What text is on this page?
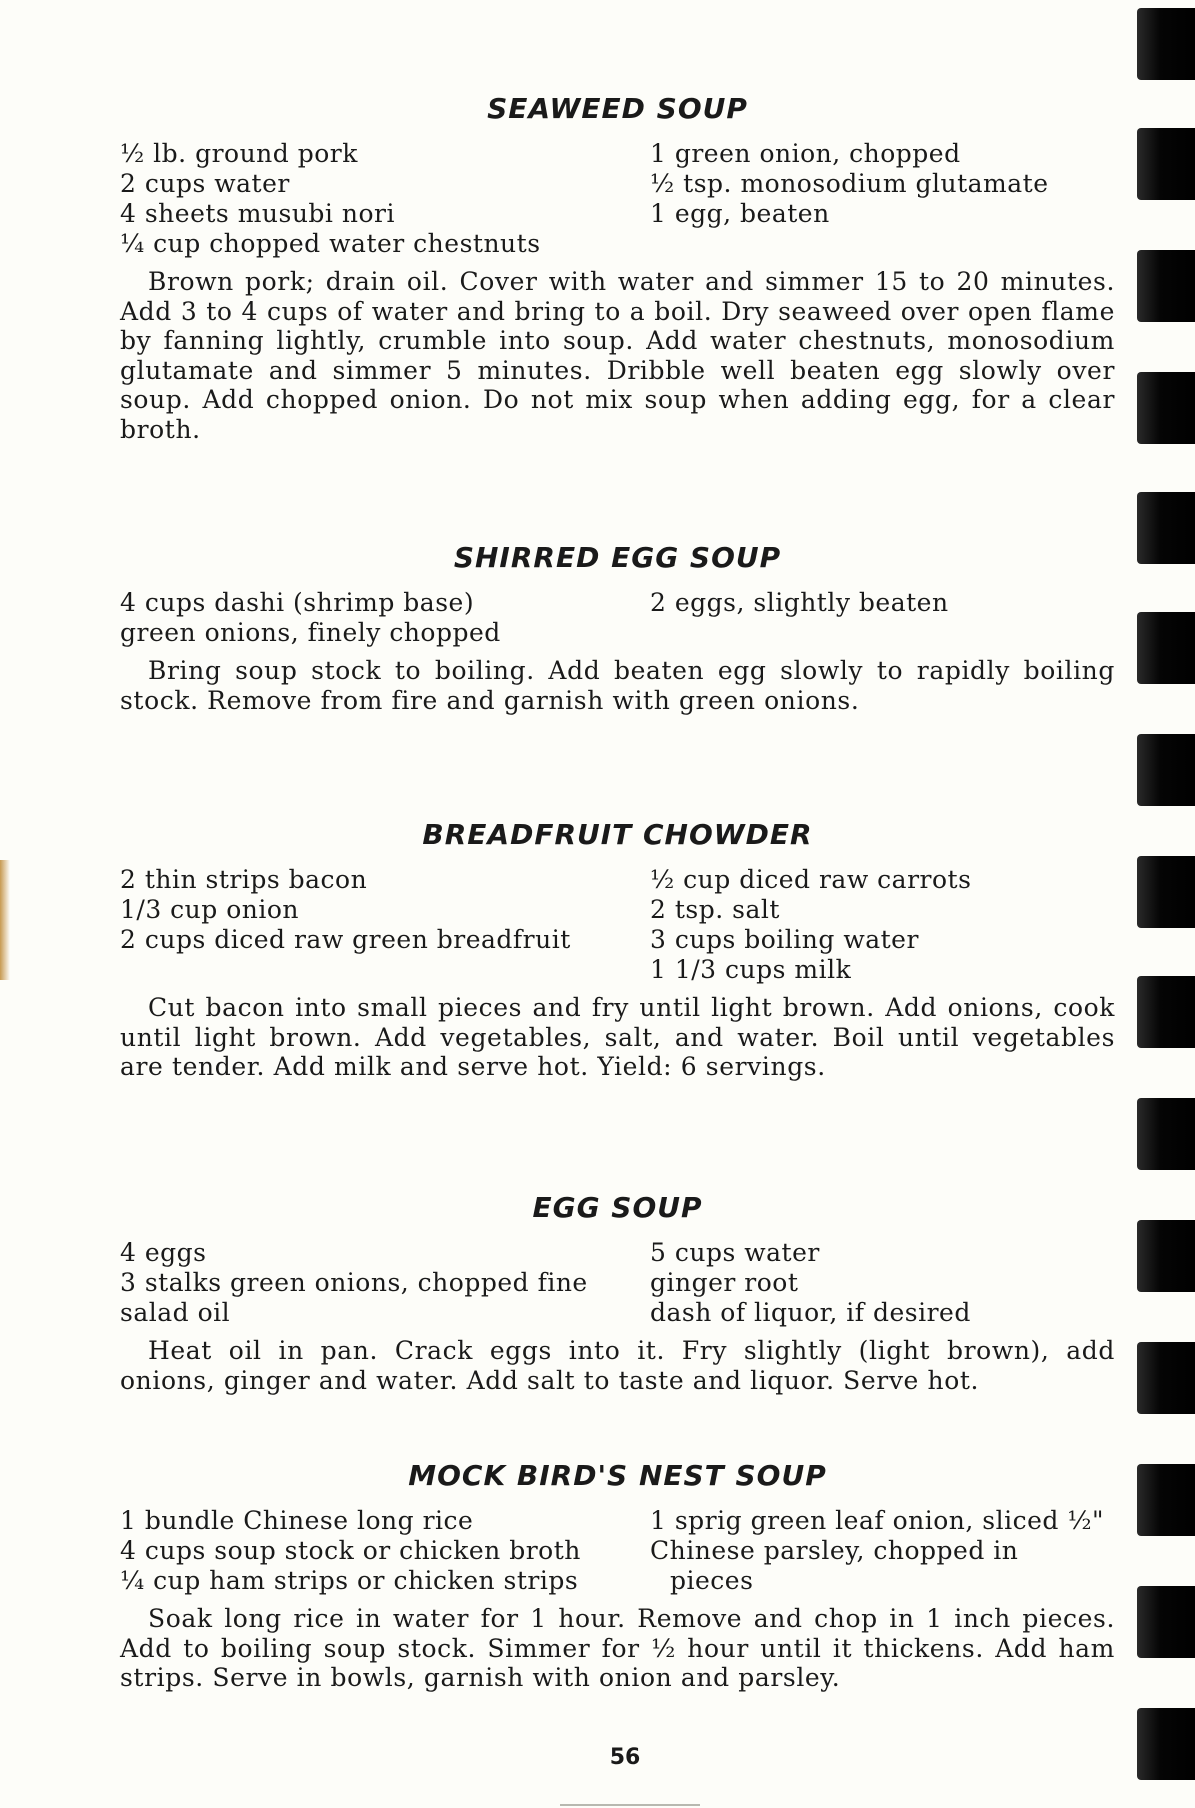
SEAWEED SOUP
½ lb. ground pork
2 cups water
4 sheets musubi nori
¼ cup chopped water chestnuts
1 green onion, chopped
½ tsp. monosodium glutamate
1 egg, beaten
Brown pork; drain oil. Cover with water and simmer 15 to 20 minutes. Add 3 to 4 cups of water and bring to a boil. Dry seaweed over open flame by fanning lightly, crumble into soup. Add water chestnuts, monosodium glutamate and simmer 5 minutes. Dribble well beaten egg slowly over soup. Add chopped onion. Do not mix soup when adding egg, for a clear broth.
SHIRRED EGG SOUP
4 cups dashi (shrimp base)
green onions, finely chopped
2 eggs, slightly beaten
Bring soup stock to boiling. Add beaten egg slowly to rapidly boiling stock. Remove from fire and garnish with green onions.
BREADFRUIT CHOWDER
2 thin strips bacon
1/3 cup onion
2 cups diced raw green breadfruit
½ cup diced raw carrots
2 tsp. salt
3 cups boiling water
1 1/3 cups milk
Cut bacon into small pieces and fry until light brown. Add onions, cook until light brown. Add vegetables, salt, and water. Boil until vegetables are tender. Add milk and serve hot. Yield: 6 servings.
EGG SOUP
4 eggs
3 stalks green onions, chopped fine
salad oil
5 cups water
ginger root
dash of liquor, if desired
Heat oil in pan. Crack eggs into it. Fry slightly (light brown), add onions, ginger and water. Add salt to taste and liquor. Serve hot.
MOCK BIRD'S NEST SOUP
1 bundle Chinese long rice
4 cups soup stock or chicken broth
¼ cup ham strips or chicken strips
1 sprig green leaf onion, sliced ½"
Chinese parsley, chopped in
pieces
Soak long rice in water for 1 hour. Remove and chop in 1 inch pieces. Add to boiling soup stock. Simmer for ½ hour until it thickens. Add ham strips. Serve in bowls, garnish with onion and parsley.
56
